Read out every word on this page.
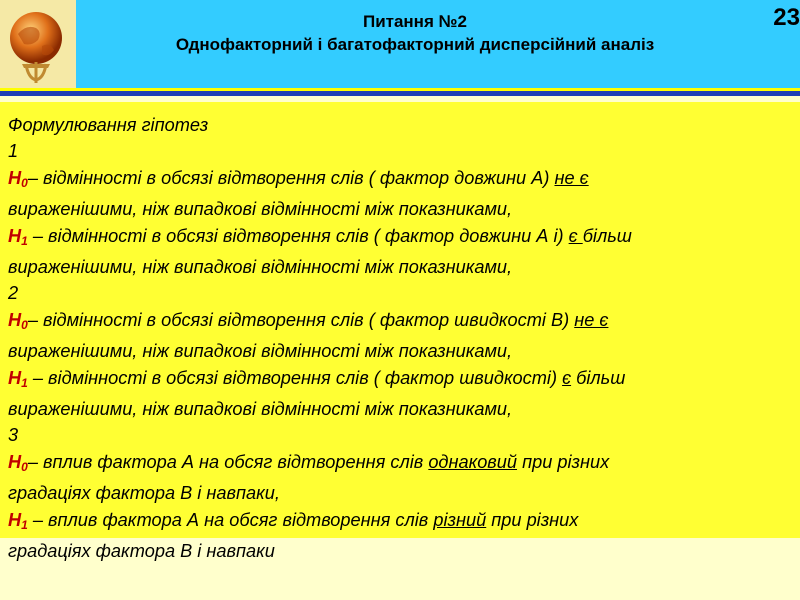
Питання №2
Однофакторний і багатофакторний дисперсійний аналіз
23
Формулювання гіпотез
1
$H_0-$ відмінності в обсязі відтворення слів ( фактор довжини А) не є
вираженішими, ніж випадкові відмінності між показниками,
$H_1$ – відмінності в обсязі відтворення слів ( фактор довжини А і) є більш
вираженішими, ніж випадкові відмінності між показниками,
2
$H_0-$ відмінності в обсязі відтворення слів ( фактор швидкості В) не є
вираженішими, ніж випадкові відмінності між показниками,
$H_1$ – відмінності в обсязі відтворення слів ( фактор швидкості) є більш
вираженішими, ніж випадкові відмінності між показниками,
3
$H_0-$ вплив фактора А на обсяг відтворення слів однаковий при різних
градаціях фактора В і навпаки,
$H_1$ – вплив фактора А на обсяг відтворення слів різний при різних
градаціях фактора В і навпаки
